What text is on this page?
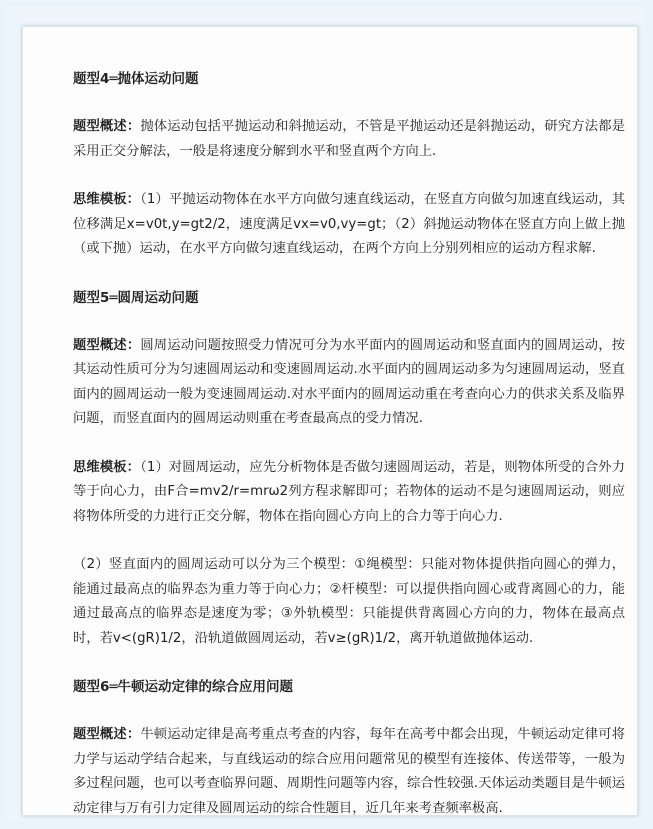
题型4═抛体运动问题

题型概述：抛体运动包括平抛运动和斜抛运动，不管是平抛运动还是斜抛运动，研究方法都是采用正交分解法，一般是将速度分解到水平和竖直两个方向上.

思维模板：（1）平抛运动物体在水平方向做匀速直线运动，在竖直方向做匀加速直线运动，其位移满足x=v0t,y=gt2/2，速度满足vx=v0,vy=gt；（2）斜抛运动物体在竖直方向上做上抛（或下抛）运动，在水平方向做匀速直线运动，在两个方向上分别列相应的运动方程求解.

题型5═圆周运动问题

题型概述：圆周运动问题按照受力情况可分为水平面内的圆周运动和竖直面内的圆周运动，按其运动性质可分为匀速圆周运动和变速圆周运动.水平面内的圆周运动多为匀速圆周运动，竖直面内的圆周运动一般为变速圆周运动.对水平面内的圆周运动重在考查向心力的供求关系及临界问题，而竖直面内的圆周运动则重在考查最高点的受力情况.

思维模板：（1）对圆周运动，应先分析物体是否做匀速圆周运动，若是，则物体所受的合外力等于向心力，由F合=mv2/r=mrω2列方程求解即可；若物体的运动不是匀速圆周运动，则应将物体所受的力进行正交分解，物体在指向圆心方向上的合力等于向心力.

（2）竖直面内的圆周运动可以分为三个模型：①绳模型：只能对物体提供指向圆心的弹力，能通过最高点的临界态为重力等于向心力；②杆模型：可以提供指向圆心或背离圆心的力，能通过最高点的临界态是速度为零；③外轨模型：只能提供背离圆心方向的力，物体在最高点时，若v<(gR)1/2，沿轨道做圆周运动，若v≥(gR)1/2，离开轨道做抛体运动.

题型6═牛顿运动定律的综合应用问题

题型概述：牛顿运动定律是高考重点考查的内容，每年在高考中都会出现，牛顿运动定律可将力学与运动学结合起来，与直线运动的综合应用问题常见的模型有连接体、传送带等，一般为多过程问题，也可以考查临界问题、周期性问题等内容，综合性较强.天体运动类题目是牛顿运动定律与万有引力定律及圆周运动的综合性题目，近几年来考查频率极高.
